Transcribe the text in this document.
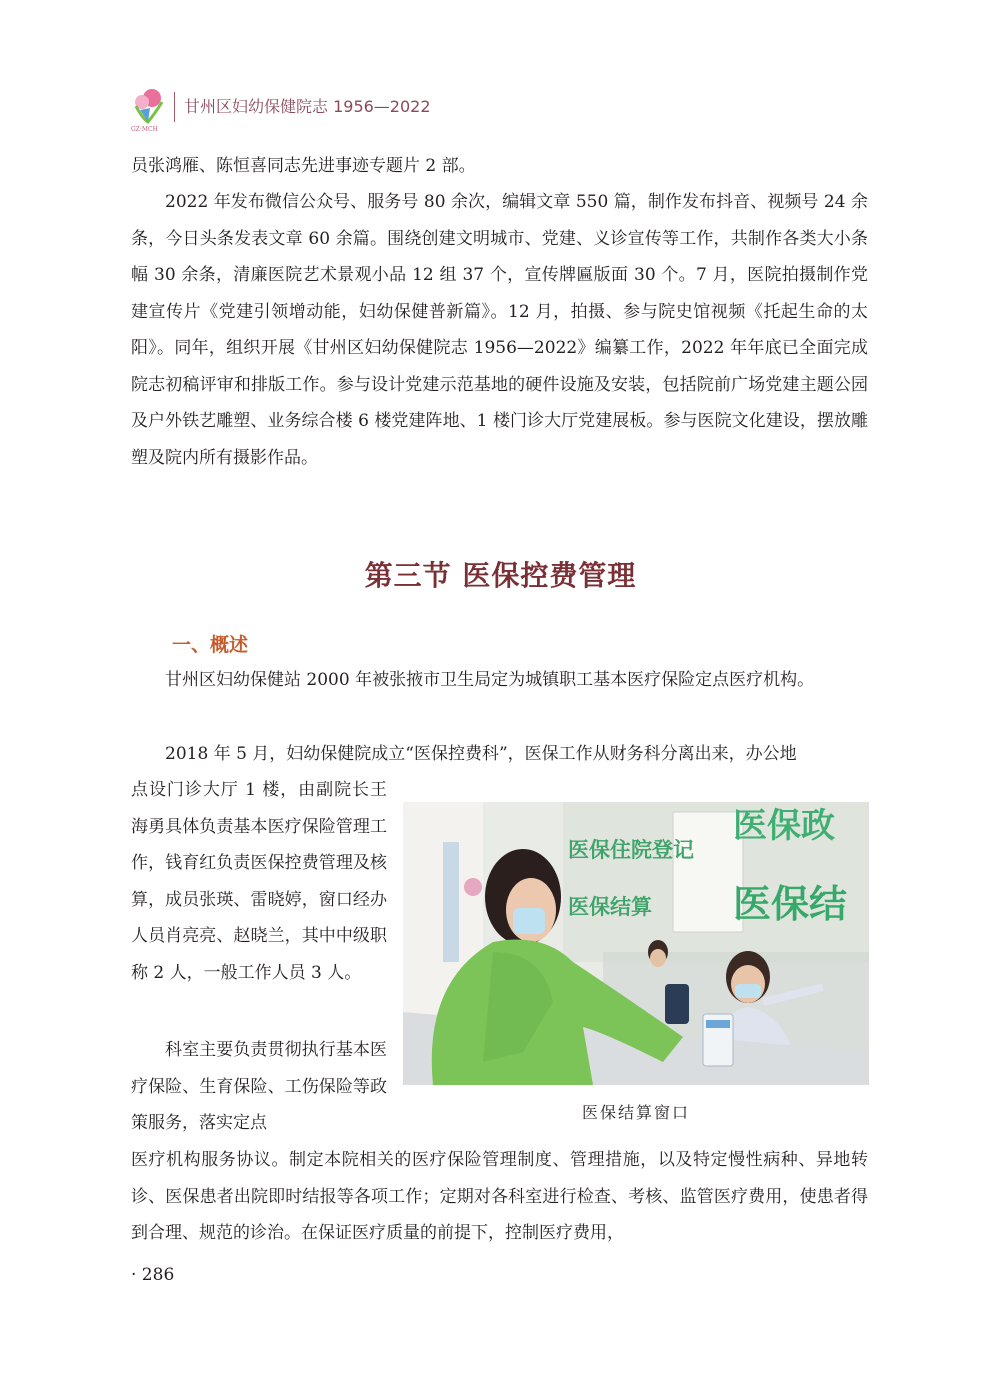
GZ·MCH
甘州区妇幼保健院志 1956—2022

员张鸿雁、陈恒喜同志先进事迹专题片 2 部。

2022 年发布微信公众号、服务号 80 余次，编辑文章 550 篇，制作发布抖音、视频号 24 余条，今日头条发表文章 60 余篇。围绕创建文明城市、党建、义诊宣传等工作，共制作各类大小条幅 30 余条，清廉医院艺术景观小品 12 组 37 个，宣传牌匾版面 30 个。7 月，医院拍摄制作党建宣传片《党建引领增动能，妇幼保健普新篇》。12 月，拍摄、参与院史馆视频《托起生命的太阳》。同年，组织开展《甘州区妇幼保健院志 1956—2022》编纂工作，2022 年年底已全面完成院志初稿评审和排版工作。参与设计党建示范基地的硬件设施及安装，包括院前广场党建主题公园及户外铁艺雕塑、业务综合楼 6 楼党建阵地、1 楼门诊大厅党建展板。参与医院文化建设，摆放雕塑及院内所有摄影作品。

第三节 医保控费管理
一、概述

甘州区妇幼保健站 2000 年被张掖市卫生局定为城镇职工基本医疗保险定点医疗机构。

2018 年 5 月，妇幼保健院成立“医保控费科”，医保工作从财务科分离出来，办公地

点设门诊大厅 1 楼，由副院长王海勇具体负责基本医疗保险管理工作，钱育红负责医保控费管理及核算，成员张瑛、雷晓婷，窗口经办人员肖亮亮、赵晓兰，其中中级职称 2 人，一般工作人员 3 人。

科室主要负责贯彻执行基本医疗保险、生育保险、工伤保险等政策服务，落实定点

医疗机构服务协议。制定本院相关的医疗保险管理制度、管理措施，以及特定慢性病种、异地转诊、医保患者出院即时结报等各项工作；定期对各科室进行检查、考核、监管医疗费用，使患者得到合理、规范的诊治。在保证医疗质量的前提下，控制医疗费用，

医保住院登记
医保结算
医保政
医保结
医保结算窗口
· 286
